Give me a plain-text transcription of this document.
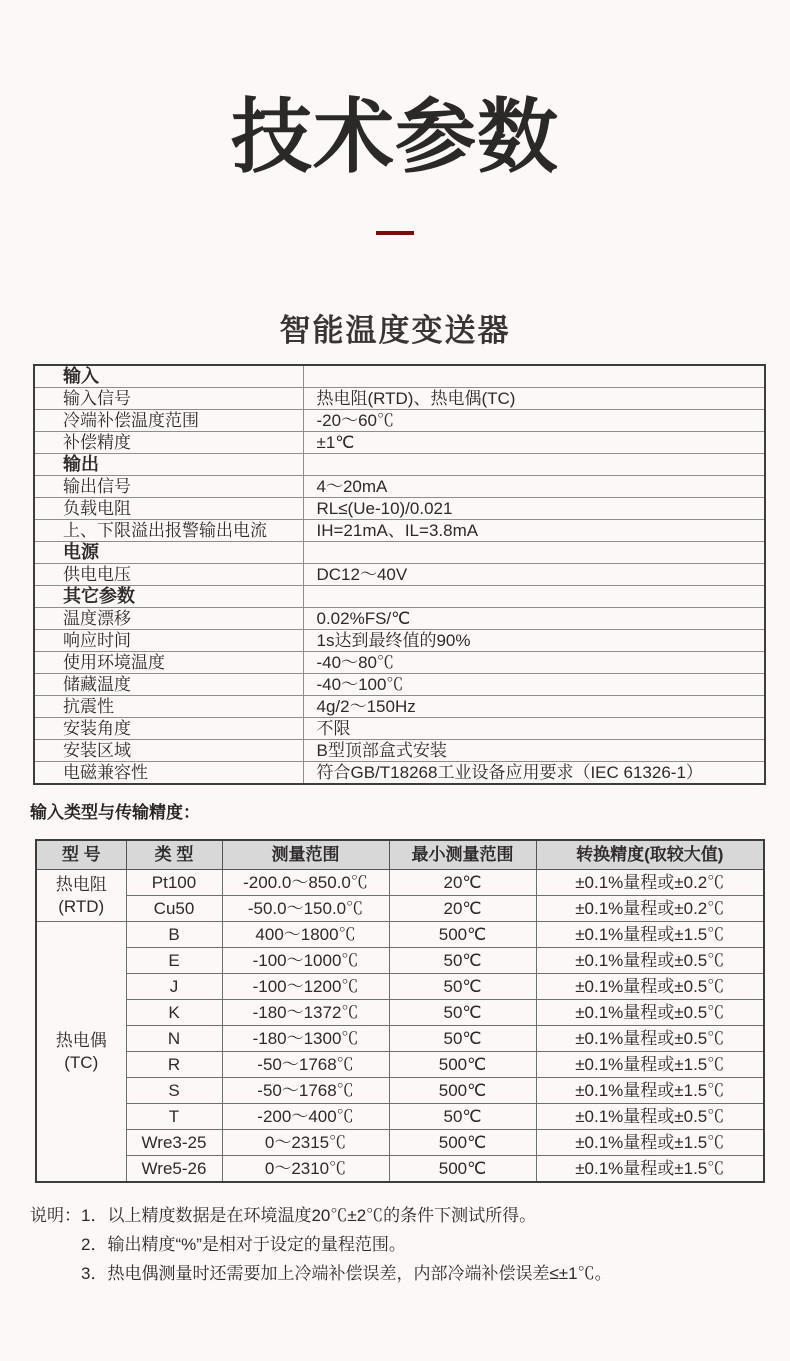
技术参数
智能温度变送器
输入	
输入信号	热电阻(RTD)、热电偶(TC)
冷端补偿温度范围	-20～60℃
补偿精度	±1℃
输出	
输出信号	4～20mA
负载电阻	RL≤(Ue-10)/0.021
上、下限溢出报警输出电流	IH=21mA、IL=3.8mA
电源	
供电电压	DC12～40V
其它参数	
温度漂移	0.02%FS/℃
响应时间	1s达到最终值的90%
使用环境温度	-40～80℃
储藏温度	-40～100℃
抗震性	4g/2～150Hz
安装角度	不限
安装区域	B型顶部盒式安装
电磁兼容性	符合GB/T18268工业设备应用要求（IEC 61326-1）
输入类型与传输精度：
型 号	类 型	测量范围	最小测量范围	转换精度(取较大值)
热电阻
(RTD)	Pt100	-200.0～850.0℃	20℃	±0.1%量程或±0.2℃
	Cu50	-50.0～150.0℃	20℃	±0.1%量程或±0.2℃
热电偶
(TC)	B	400～1800℃	500℃	±0.1%量程或±1.5℃
	E	-100～1000℃	50℃	±0.1%量程或±0.5℃
	J	-100～1200℃	50℃	±0.1%量程或±0.5℃
	K	-180～1372℃	50℃	±0.1%量程或±0.5℃
	N	-180～1300℃	50℃	±0.1%量程或±0.5℃
	R	-50～1768℃	500℃	±0.1%量程或±1.5℃
	S	-50～1768℃	500℃	±0.1%量程或±1.5℃
	T	-200～400℃	50℃	±0.1%量程或±0.5℃
	Wre3-25	0～2315℃	500℃	±0.1%量程或±1.5℃
	Wre5-26	0～2310℃	500℃	±0.1%量程或±1.5℃
说明： 1．以上精度数据是在环境温度20℃±2℃的条件下测试所得。
2．输出精度“%”是相对于设定的量程范围。
3．热电偶测量时还需要加上冷端补偿误差，内部冷端补偿误差≤±1℃。
